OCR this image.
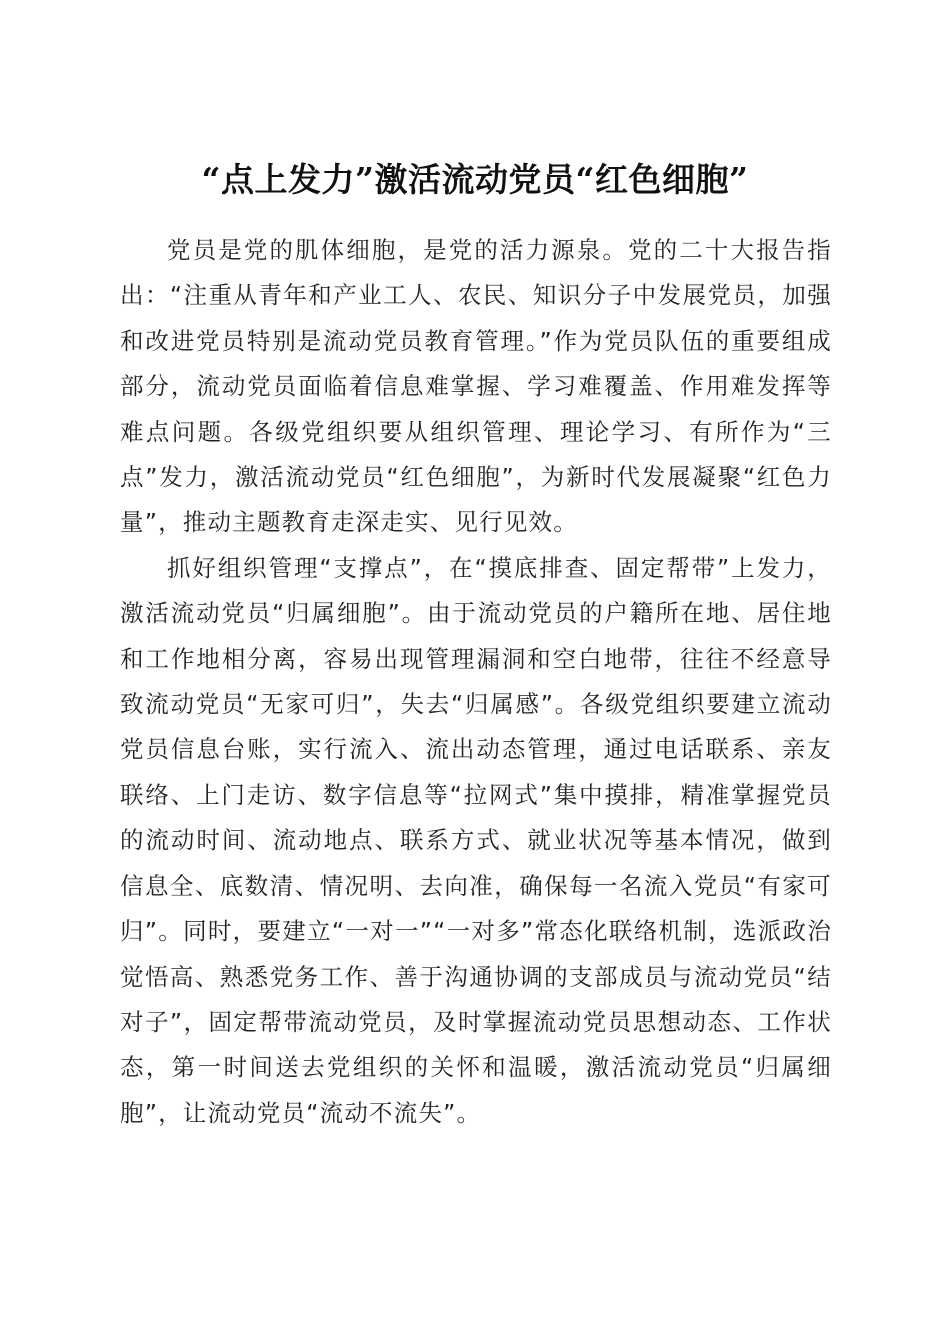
“点上发力”激活流动党员“红色细胞”

党员是党的肌体细胞，是党的活力源泉。党的二十大报告指出：“注重从青年和产业工人、农民、知识分子中发展党员，加强和改进党员特别是流动党员教育管理。”作为党员队伍的重要组成部分，流动党员面临着信息难掌握、学习难覆盖、作用难发挥等难点问题。各级党组织要从组织管理、理论学习、有所作为“三点”发力，激活流动党员“红色细胞”，为新时代发展凝聚“红色力量”，推动主题教育走深走实、见行见效。

抓好组织管理“支撑点”，在“摸底排查、固定帮带”上发力，激活流动党员“归属细胞”。由于流动党员的户籍所在地、居住地和工作地相分离，容易出现管理漏洞和空白地带，往往不经意导致流动党员“无家可归”，失去“归属感”。各级党组织要建立流动党员信息台账，实行流入、流出动态管理，通过电话联系、亲友联络、上门走访、数字信息等“拉网式”集中摸排，精准掌握党员的流动时间、流动地点、联系方式、就业状况等基本情况，做到信息全、底数清、情况明、去向准，确保每一名流入党员“有家可归”。同时，要建立“一对一”“一对多”常态化联络机制，选派政治觉悟高、熟悉党务工作、善于沟通协调的支部成员与流动党员“结对子”，固定帮带流动党员，及时掌握流动党员思想动态、工作状态，第一时间送去党组织的关怀和温暖，激活流动党员“归属细胞”，让流动党员“流动不流失”。
